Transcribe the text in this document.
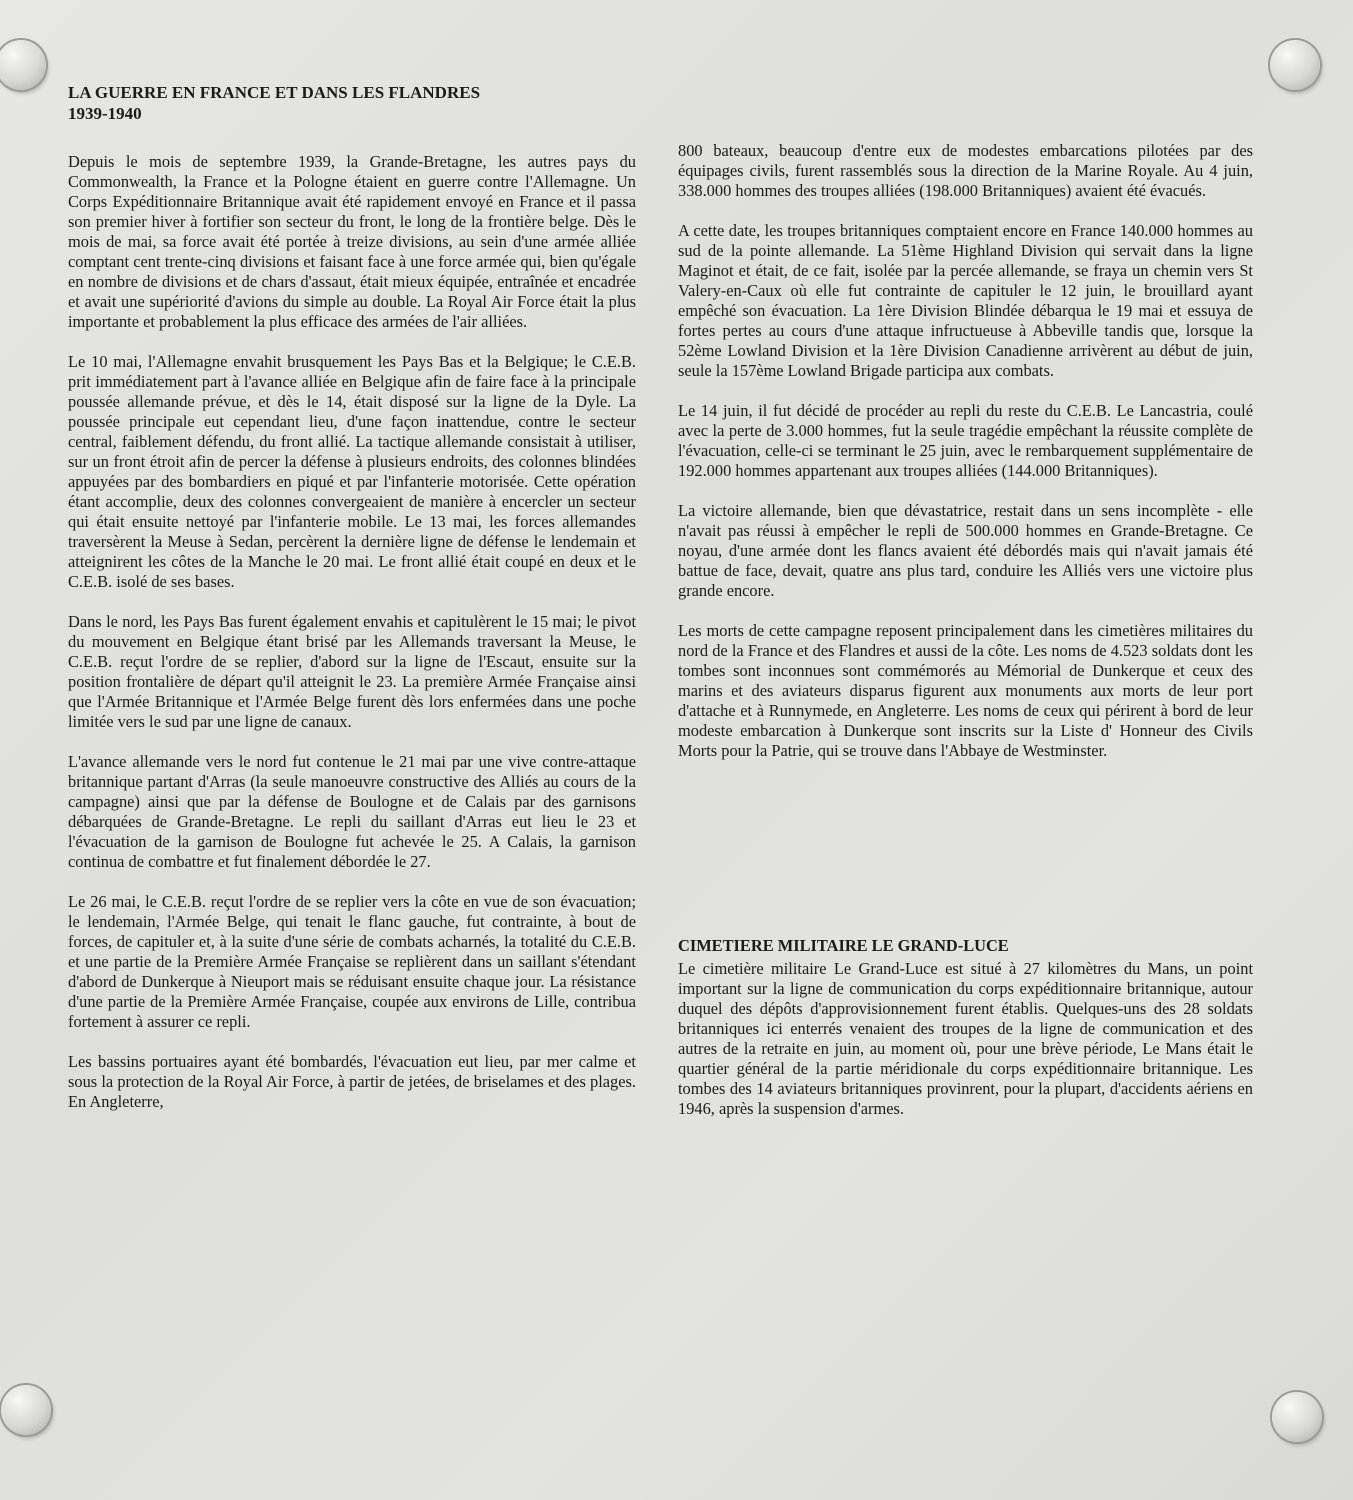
LA GUERRE EN FRANCE ET DANS LES FLANDRES
1939-1940

Depuis le mois de septembre 1939, la Grande-Bretagne, les autres pays du Commonwealth, la France et la Pologne étaient en guerre contre l'Allemagne. Un Corps Expéditionnaire Britannique avait été rapidement envoyé en France et il passa son premier hiver à fortifier son secteur du front, le long de la frontière belge. Dès le mois de mai, sa force avait été portée à treize divisions, au sein d'une armée alliée comptant cent trente-cinq divisions et faisant face à une force armée qui, bien qu'égale en nombre de divisions et de chars d'assaut, était mieux équipée, entraînée et encadrée et avait une supériorité d'avions du simple au double. La Royal Air Force était la plus importante et probablement la plus efficace des armées de l'air alliées.

Le 10 mai, l'Allemagne envahit brusquement les Pays Bas et la Belgique; le C.E.B. prit immédiatement part à l'avance alliée en Belgique afin de faire face à la principale poussée allemande prévue, et dès le 14, était disposé sur la ligne de la Dyle. La poussée principale eut cependant lieu, d'une façon inattendue, contre le secteur central, faiblement défendu, du front allié. La tactique allemande consistait à utiliser, sur un front étroit afin de percer la défense à plusieurs endroits, des colonnes blindées appuyées par des bombardiers en piqué et par l'infanterie motorisée. Cette opération étant accomplie, deux des colonnes convergeaient de manière à encercler un secteur qui était ensuite nettoyé par l'infanterie mobile. Le 13 mai, les forces allemandes traversèrent la Meuse à Sedan, percèrent la dernière ligne de défense le lendemain et atteignirent les côtes de la Manche le 20 mai. Le front allié était coupé en deux et le C.E.B. isolé de ses bases.

Dans le nord, les Pays Bas furent également envahis et capitulèrent le 15 mai; le pivot du mouvement en Belgique étant brisé par les Allemands traversant la Meuse, le C.E.B. reçut l'ordre de se replier, d'abord sur la ligne de l'Escaut, ensuite sur la position frontalière de départ qu'il atteignit le 23. La première Armée Française ainsi que l'Armée Britannique et l'Armée Belge furent dès lors enfermées dans une poche limitée vers le sud par une ligne de canaux.

L'avance allemande vers le nord fut contenue le 21 mai par une vive contre-attaque britannique partant d'Arras (la seule manoeuvre constructive des Alliés au cours de la campagne) ainsi que par la défense de Boulogne et de Calais par des garnisons débarquées de Grande-Bretagne. Le repli du saillant d'Arras eut lieu le 23 et l'évacuation de la garnison de Boulogne fut achevée le 25. A Calais, la garnison continua de combattre et fut finalement débordée le 27.

Le 26 mai, le C.E.B. reçut l'ordre de se replier vers la côte en vue de son évacuation; le lendemain, l'Armée Belge, qui tenait le flanc gauche, fut contrainte, à bout de forces, de capituler et, à la suite d'une série de combats acharnés, la totalité du C.E.B. et une partie de la Première Armée Française se replièrent dans un saillant s'étendant d'abord de Dunkerque à Nieuport mais se réduisant ensuite chaque jour. La résistance d'une partie de la Première Armée Française, coupée aux environs de Lille, contribua fortement à assurer ce repli.

Les bassins portuaires ayant été bombardés, l'évacuation eut lieu, par mer calme et sous la protection de la Royal Air Force, à partir de jetées, de briselames et des plages. En Angleterre,

800 bateaux, beaucoup d'entre eux de modestes embarcations pilotées par des équipages civils, furent rassemblés sous la direction de la Marine Royale. Au 4 juin, 338.000 hommes des troupes alliées (198.000 Britanniques) avaient été évacués.

A cette date, les troupes britanniques comptaient encore en France 140.000 hommes au sud de la pointe allemande. La 51ème Highland Division qui servait dans la ligne Maginot et était, de ce fait, isolée par la percée allemande, se fraya un chemin vers St Valery-en-Caux où elle fut contrainte de capituler le 12 juin, le brouillard ayant empêché son évacuation. La 1ère Division Blindée débarqua le 19 mai et essuya de fortes pertes au cours d'une attaque infructueuse à Abbeville tandis que, lorsque la 52ème Lowland Division et la 1ère Division Canadienne arrivèrent au début de juin, seule la 157ème Lowland Brigade participa aux combats.

Le 14 juin, il fut décidé de procéder au repli du reste du C.E.B. Le Lancastria, coulé avec la perte de 3.000 hommes, fut la seule tragédie empêchant la réussite complète de l'évacuation, celle-ci se terminant le 25 juin, avec le rembarquement supplémentaire de 192.000 hommes appartenant aux troupes alliées (144.000 Britanniques).

La victoire allemande, bien que dévastatrice, restait dans un sens incomplète - elle n'avait pas réussi à empêcher le repli de 500.000 hommes en Grande-Bretagne. Ce noyau, d'une armée dont les flancs avaient été débordés mais qui n'avait jamais été battue de face, devait, quatre ans plus tard, conduire les Alliés vers une victoire plus grande encore.

Les morts de cette campagne reposent principalement dans les cimetières militaires du nord de la France et des Flandres et aussi de la côte. Les noms de 4.523 soldats dont les tombes sont inconnues sont commémorés au Mémorial de Dunkerque et ceux des marins et des aviateurs disparus figurent aux monuments aux morts de leur port d'attache et à Runnymede, en Angleterre. Les noms de ceux qui périrent à bord de leur modeste embarcation à Dunkerque sont inscrits sur la Liste d' Honneur des Civils Morts pour la Patrie, qui se trouve dans l'Abbaye de Westminster.

CIMETIERE MILITAIRE LE GRAND-LUCE

Le cimetière militaire Le Grand-Luce est situé à 27 kilomètres du Mans, un point important sur la ligne de communication du corps expéditionnaire britannique, autour duquel des dépôts d'approvisionnement furent établis. Quelques-uns des 28 soldats britanniques ici enterrés venaient des troupes de la ligne de communication et des autres de la retraite en juin, au moment où, pour une brève période, Le Mans était le quartier général de la partie méridionale du corps expéditionnaire britannique. Les tombes des 14 aviateurs britanniques provinrent, pour la plupart, d'accidents aériens en 1946, après la suspension d'armes.
